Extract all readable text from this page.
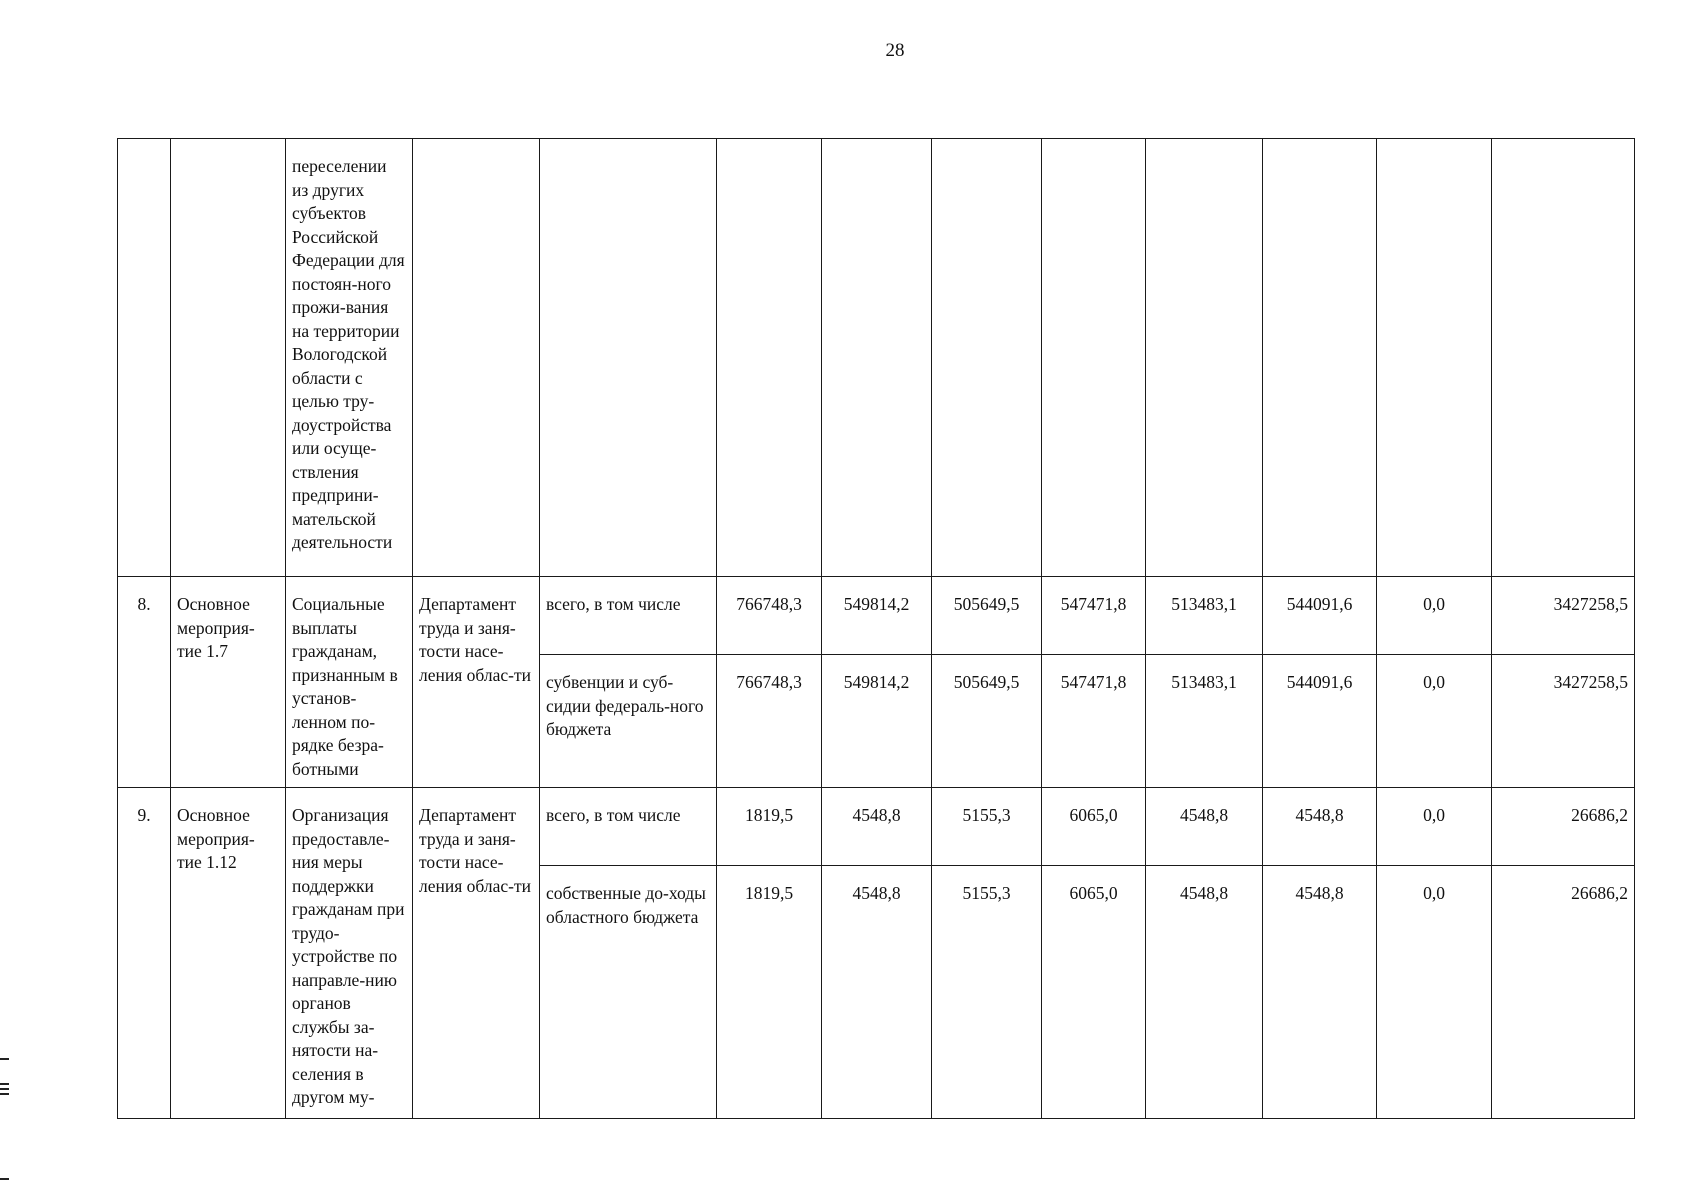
28
		переселении из других субъектов Российской Федерации для постоян-ного прожи-вания на территории Вологодской области с целью тру-доустройства или осуще-ствления предприни-мательской деятельности										
8.	Основное мероприя-тие 1.7	Социальные выплаты гражданам, признанным в установ-ленном по-рядке безра-ботными	Департамент труда и заня-тости насе-ления облас-ти	всего, в том числе	766748,3	549814,2	505649,5	547471,8	513483,1	544091,6	0,0	3427258,5
				субвенции и суб-сидии федераль-ного бюджета	766748,3	549814,2	505649,5	547471,8	513483,1	544091,6	0,0	3427258,5
9.	Основное мероприя-тие 1.12	Организация предоставле-ния меры поддержки гражданам при трудо-устройстве по направле-нию органов службы за-нятости на-селения в другом му-	Департамент труда и заня-тости насе-ления облас-ти	всего, в том числе	1819,5	4548,8	5155,3	6065,0	4548,8	4548,8	0,0	26686,2
				собственные до-ходы областного бюджета	1819,5	4548,8	5155,3	6065,0	4548,8	4548,8	0,0	26686,2
